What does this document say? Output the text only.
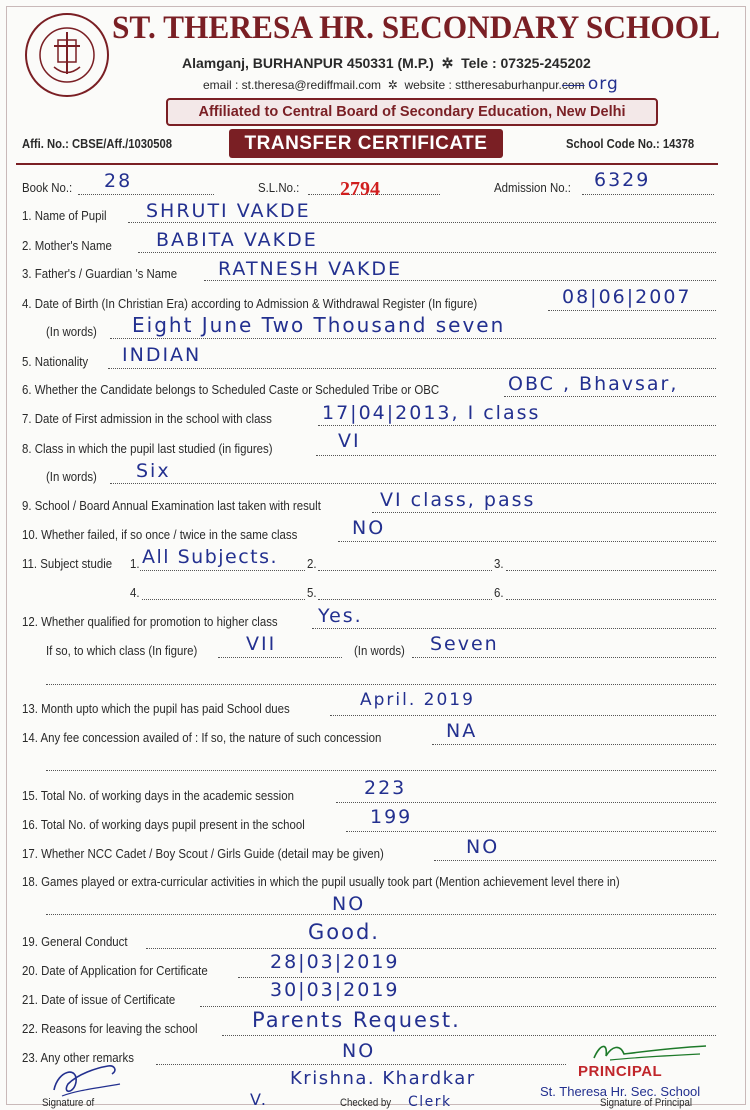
ST. THERESA HR. SECONDARY SCHOOL
Alamganj, BURHANPUR 450331 (M.P.)  ✲  Tele : 07325-245202
email : st.theresa@rediffmail.com  ✲  website : sttheresaburhanpur.com org
Affiliated to Central Board of Secondary Education, New Delhi
Affi. No.: CBSE/Aff./1030508	TRANSFER CERTIFICATE	School Code No.: 14378
Book No.: 28	S.L.No.: 2794	Admission No.: 6329
1. Name of Pupil SHRUTI VAKDE
2. Mother's Name BABITA VAKDE
3. Father's / Guardian 's Name RATNESH VAKDE
4. Date of Birth (In Christian Era) according to Admission & Withdrawal Register (In figure)	08|06|2007
(In words) Eight June Two Thousand seven
5. Nationality INDIAN
6. Whether the Candidate belongs to Scheduled Caste or Scheduled Tribe or OBC	OBC , Bhavsar,
7. Date of First admission in the school with class	17|04|2013, I class
8. Class in which the pupil last studied (in figures)	VI
(In words) Six
9. School / Board Annual Examination last taken with result	VI class, pass
10. Whether failed, if so once / twice in the same class	NO
11. Subject studie 1. All Subjects. 2.	3.
4.	5.	6.
12. Whether qualified for promotion to higher class Yes.
If so, to which class (In figure)	VII	(In words) Seven
13. Month upto which the pupil has paid School dues	April. 2019
14. Any fee concession availed of : If so, the nature of such concession	NA
15. Total No. of working days in the academic session	223
16. Total No. of working days pupil present in the school	199
17. Whether NCC Cadet / Boy Scout / Girls Guide (detail may be given)	NO
18. Games played or extra-curricular activities in which the pupil usually took part (Mention achievement level there in)
NO
19. General Conduct	Good.
20. Date of Application for Certificate	28|03|2019
21. Date of issue of Certificate	30|03|2019
22. Reasons for leaving the school	Parents Request.
23. Any other remarks	NO
Signature of
Krishna. Khardkar
V.	Checked by Clerk
PRINCIPAL
St. Theresa Hr. Sec. School
Signature of Principal
